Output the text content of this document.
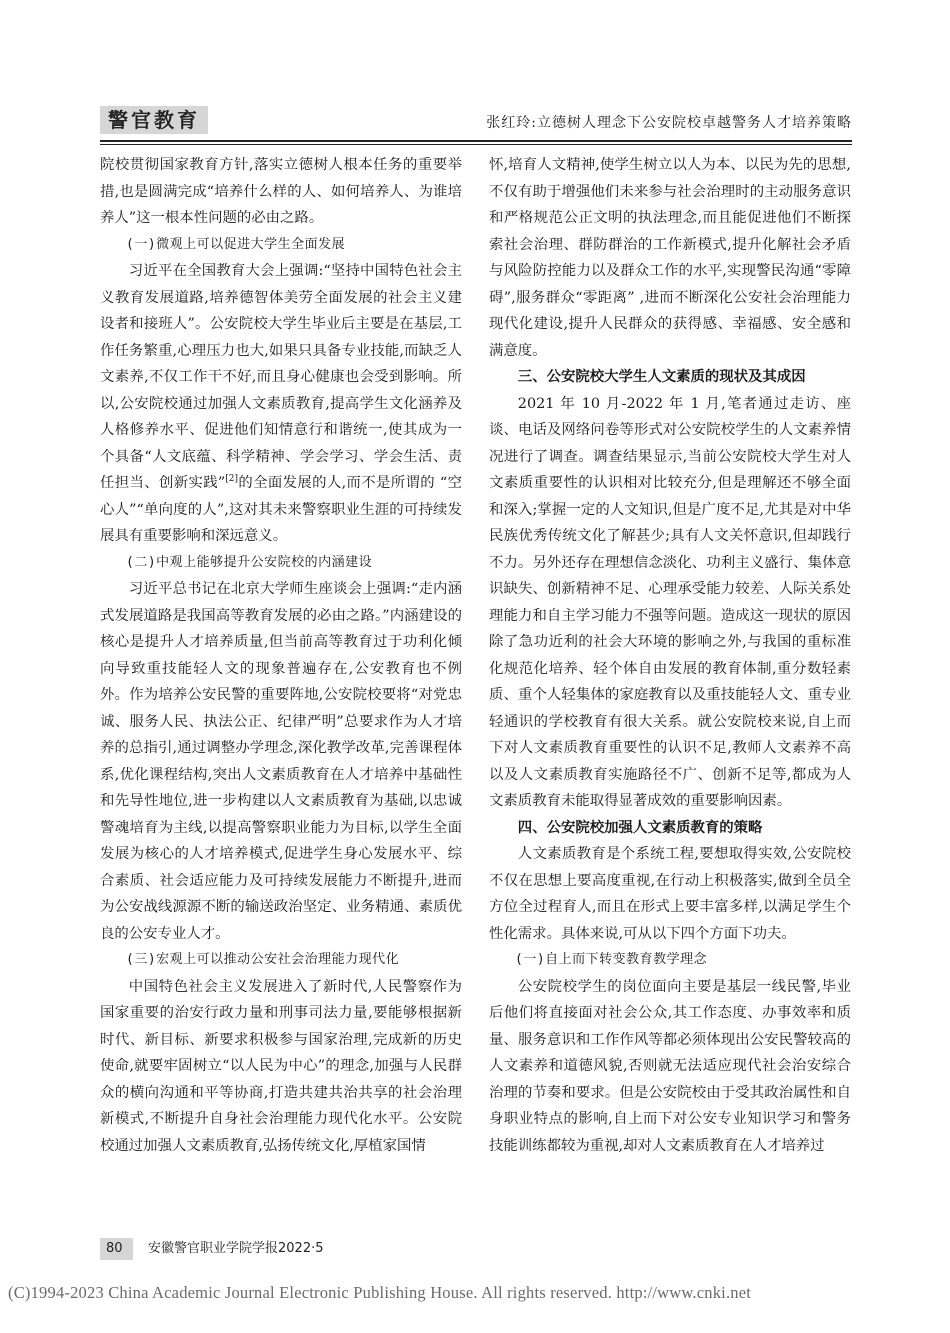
警官教育	张红玲:立德树人理念下公安院校卓越警务人才培养策略

院校贯彻国家教育方针,落实立德树人根本任务的重要举措,也是圆满完成“培养什么样的人、如何培养人、为谁培养人”这一根本性问题的必由之路。

(一)微观上可以促进大学生全面发展

习近平在全国教育大会上强调:“坚持中国特色社会主义教育发展道路,培养德智体美劳全面发展的社会主义建设者和接班人”。公安院校大学生毕业后主要是在基层,工作任务繁重,心理压力也大,如果只具备专业技能,而缺乏人文素养,不仅工作干不好,而且身心健康也会受到影响。所以,公安院校通过加强人文素质教育,提高学生文化涵养及人格修养水平、促进他们知情意行和谐统一,使其成为一个具备“人文底蕴、科学精神、学会学习、学会生活、责任担当、创新实践”[2]的全面发展的人,而不是所谓的 “空心人”“单向度的人”,这对其未来警察职业生涯的可持续发展具有重要影响和深远意义。

(二)中观上能够提升公安院校的内涵建设

习近平总书记在北京大学师生座谈会上强调:“走内涵式发展道路是我国高等教育发展的必由之路。”内涵建设的核心是提升人才培养质量,但当前高等教育过于功利化倾向导致重技能轻人文的现象普遍存在,公安教育也不例外。作为培养公安民警的重要阵地,公安院校要将“对党忠诚、服务人民、执法公正、纪律严明”总要求作为人才培养的总指引,通过调整办学理念,深化教学改革,完善课程体系,优化课程结构,突出人文素质教育在人才培养中基础性和先导性地位,进一步构建以人文素质教育为基础,以忠诚警魂培育为主线,以提高警察职业能力为目标,以学生全面发展为核心的人才培养模式,促进学生身心发展水平、综合素质、社会适应能力及可持续发展能力不断提升,进而为公安战线源源不断的输送政治坚定、业务精通、素质优良的公安专业人才。

(三)宏观上可以推动公安社会治理能力现代化

中国特色社会主义发展进入了新时代,人民警察作为国家重要的治安行政力量和刑事司法力量,要能够根据新时代、新目标、新要求积极参与国家治理,完成新的历史使命,就要牢固树立“以人民为中心”的理念,加强与人民群众的横向沟通和平等协商,打造共建共治共享的社会治理新模式,不断提升自身社会治理能力现代化水平。公安院校通过加强人文素质教育,弘扬传统文化,厚植家国情

怀,培育人文精神,使学生树立以人为本、以民为先的思想,不仅有助于增强他们未来参与社会治理时的主动服务意识和严格规范公正文明的执法理念,而且能促进他们不断探索社会治理、群防群治的工作新模式,提升化解社会矛盾与风险防控能力以及群众工作的水平,实现警民沟通“零障碍”,服务群众“零距离” ,进而不断深化公安社会治理能力现代化建设,提升人民群众的获得感、幸福感、安全感和满意度。

三、公安院校大学生人文素质的现状及其成因

2021 年 10 月-2022 年 1 月,笔者通过走访、座谈、电话及网络问卷等形式对公安院校学生的人文素养情况进行了调查。调查结果显示,当前公安院校大学生对人文素质重要性的认识相对比较充分,但是理解还不够全面和深入;掌握一定的人文知识,但是广度不足,尤其是对中华民族优秀传统文化了解甚少;具有人文关怀意识,但却践行不力。另外还存在理想信念淡化、功利主义盛行、集体意识缺失、创新精神不足、心理承受能力较差、人际关系处理能力和自主学习能力不强等问题。造成这一现状的原因除了急功近利的社会大环境的影响之外,与我国的重标准化规范化培养、轻个体自由发展的教育体制,重分数轻素质、重个人轻集体的家庭教育以及重技能轻人文、重专业轻通识的学校教育有很大关系。就公安院校来说,自上而下对人文素质教育重要性的认识不足,教师人文素养不高以及人文素质教育实施路径不广、创新不足等,都成为人文素质教育未能取得显著成效的重要影响因素。

四、公安院校加强人文素质教育的策略

人文素质教育是个系统工程,要想取得实效,公安院校不仅在思想上要高度重视,在行动上积极落实,做到全员全方位全过程育人,而且在形式上要丰富多样,以满足学生个性化需求。具体来说,可从以下四个方面下功夫。

(一)自上而下转变教育教学理念

公安院校学生的岗位面向主要是基层一线民警,毕业后他们将直接面对社会公众,其工作态度、办事效率和质量、服务意识和工作作风等都必须体现出公安民警较高的人文素养和道德风貌,否则就无法适应现代社会治安综合治理的节奏和要求。但是公安院校由于受其政治属性和自身职业特点的影响,自上而下对公安专业知识学习和警务技能训练都较为重视,却对人文素质教育在人才培养过

80	安徽警官职业学院学报2022·5
(C)1994-2023 China Academic Journal Electronic Publishing House. All rights reserved. http://www.cnki.net
